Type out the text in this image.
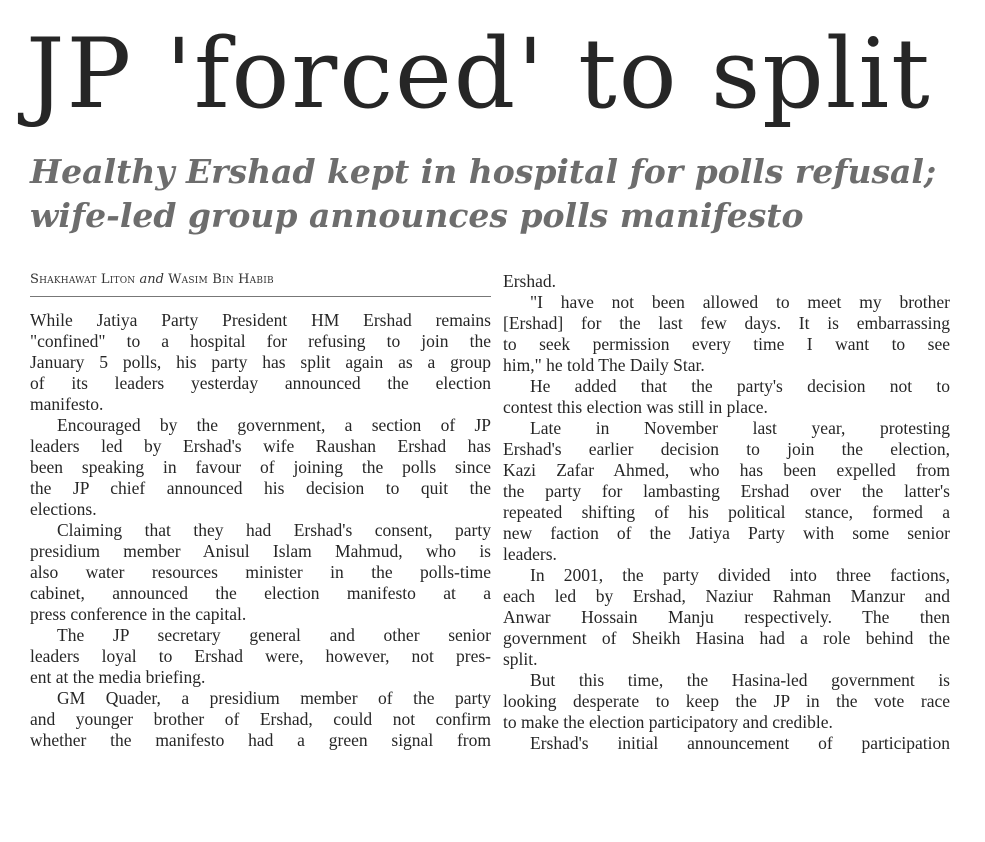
JP 'forced' to split
Healthy Ershad kept in hospital for polls refusal;
wife-led group announces polls manifesto
Shakhawat Liton and Wasim Bin Habib
While Jatiya Party President HM Ershad remains
"confined" to a hospital for refusing to join the
January 5 polls, his party has split again as a group
of its leaders yesterday announced the election
manifesto.
Encouraged by the government, a section of JP
leaders led by Ershad's wife Raushan Ershad has
been speaking in favour of joining the polls since
the JP chief announced his decision to quit the
elections.
Claiming that they had Ershad's consent, party
presidium member Anisul Islam Mahmud, who is
also water resources minister in the polls-time
cabinet, announced the election manifesto at a
press conference in the capital.
The JP secretary general and other senior
leaders loyal to Ershad were, however, not pres-
ent at the media briefing.
GM Quader, a presidium member of the party
and younger brother of Ershad, could not confirm
whether the manifesto had a green signal from
Ershad.
"I have not been allowed to meet my brother
[Ershad] for the last few days. It is embarrassing
to seek permission every time I want to see
him," he told The Daily Star.
He added that the party's decision not to
contest this election was still in place.
Late in November last year, protesting
Ershad's earlier decision to join the election,
Kazi Zafar Ahmed, who has been expelled from
the party for lambasting Ershad over the latter's
repeated shifting of his political stance, formed a
new faction of the Jatiya Party with some senior
leaders.
In 2001, the party divided into three factions,
each led by Ershad, Naziur Rahman Manzur and
Anwar Hossain Manju respectively. The then
government of Sheikh Hasina had a role behind the
split.
But this time, the Hasina-led government is
looking desperate to keep the JP in the vote race
to make the election participatory and credible.
Ershad's initial announcement of participation
